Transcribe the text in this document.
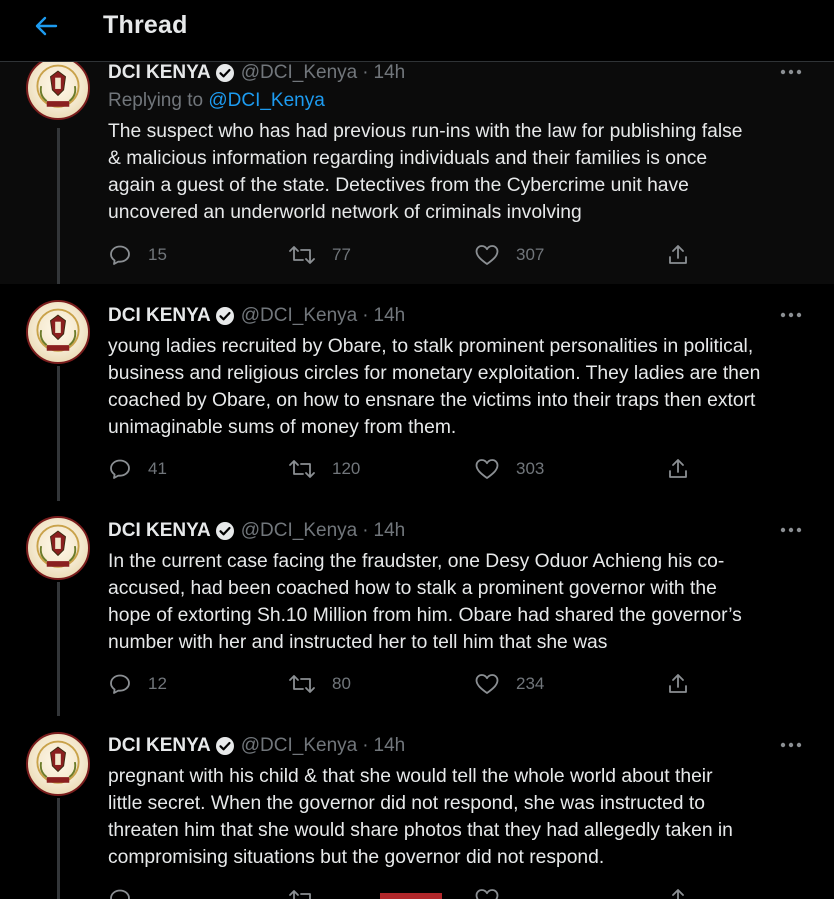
Thread
DCI KENYA @DCI_Kenya · 14h
Replying to @DCI_Kenya
The suspect who has had previous run-ins with the law for publishing false
& malicious information regarding individuals and their families is once
again a guest of the state. Detectives from the Cybercrime unit have
uncovered an underworld network of criminals involving
15	77	307
DCI KENYA @DCI_Kenya · 14h
young ladies recruited by Obare, to stalk prominent personalities in political,
business and religious circles for monetary exploitation. They ladies are then
coached by Obare, on how to ensnare the victims into their traps then extort
unimaginable sums of money from them.
41	120	303
DCI KENYA @DCI_Kenya · 14h
In the current case facing the fraudster, one Desy Oduor Achieng his co-
accused, had been coached how to stalk a prominent governor with the
hope of extorting Sh.10 Million from him. Obare had shared the governor’s
number with her and instructed her to tell him that she was
12	80	234
DCI KENYA @DCI_Kenya · 14h
pregnant with his child & that she would tell the whole world about their
little secret. When the governor did not respond, she was instructed to
threaten him that she would share photos that they had allegedly taken in
compromising situations but the governor did not respond.
